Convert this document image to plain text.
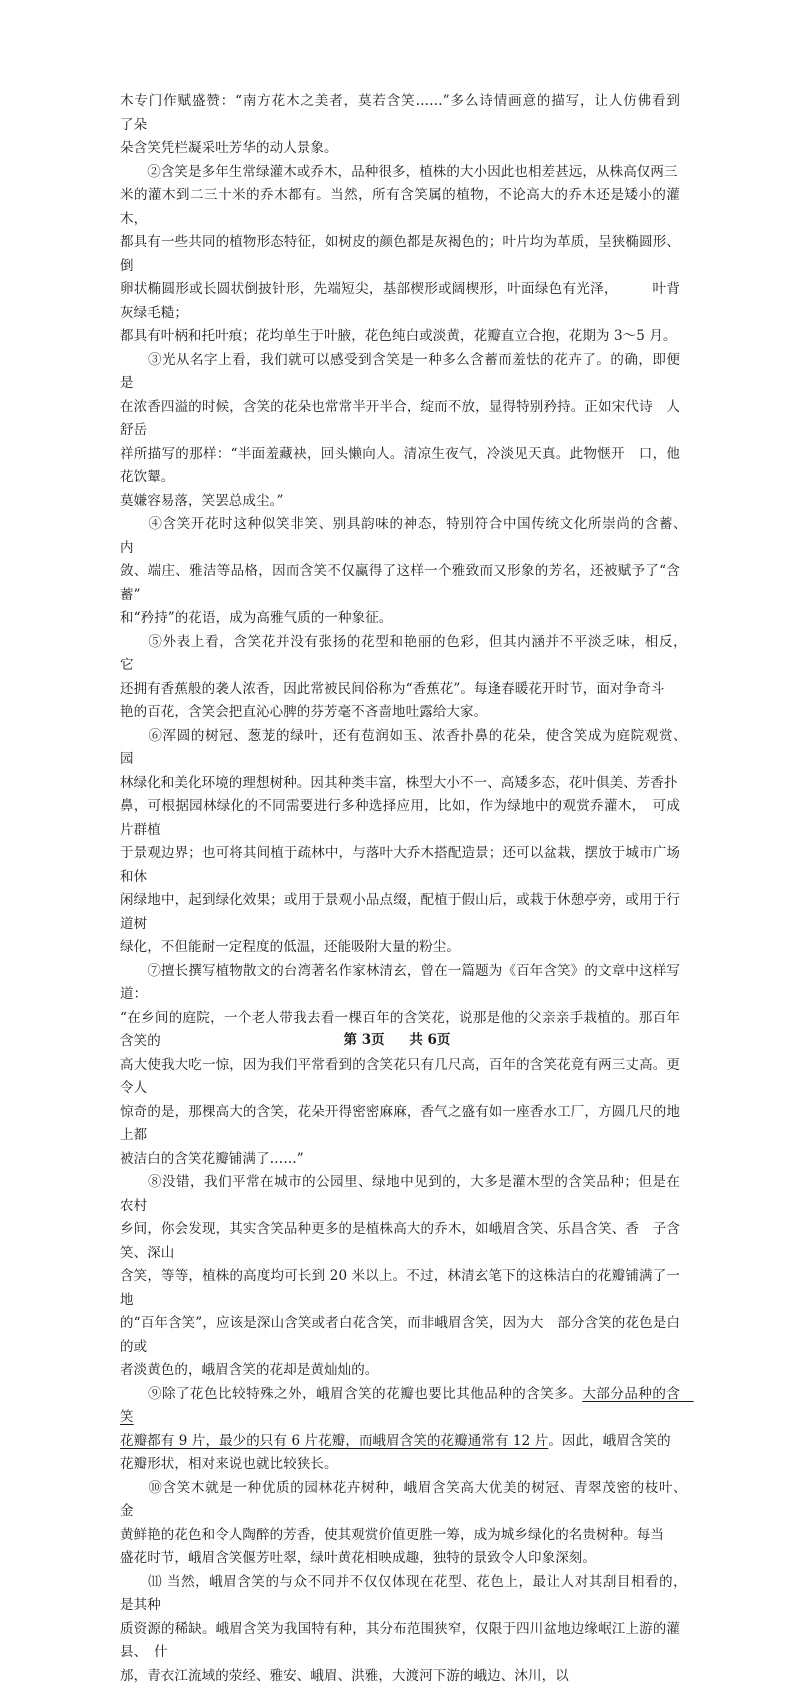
木专门作赋盛赞：“南方花木之美者，莫若含笑……”多么诗情画意的描写，让人仿佛看到　　　了朵
朵含笑凭栏凝采吐芳华的动人景象。

　　②含笑是多年生常绿灌木或乔木，品种很多，植株的大小因此也相差甚远，从株高仅两三
米的灌木到二三十米的乔木都有。当然，所有含笑属的植物，不论高大的乔木还是矮小的灌木，
都具有一些共同的植物形态特征，如树皮的颜色都是灰褐色的；叶片均为革质，呈狭椭圆形、倒
卵状椭圆形或长圆状倒披针形，先端短尖，基部楔形或阔楔形，叶面绿色有光泽，　　　叶背灰绿毛糙；
都具有叶柄和托叶痕；花均单生于叶腋，花色纯白或淡黄，花瓣直立合抱，花期为 3～5 月。

　　③光从名字上看，我们就可以感受到含笑是一种多么含蓄而羞怯的花卉了。的确，即便　是
在浓香四溢的时候，含笑的花朵也常常半开半合，绽而不放，显得特别矜持。正如宋代诗　人舒岳
祥所描写的那样：“半面羞藏袂，回头懒向人。清凉生夜气，冷淡见天真。此物惬开　口，他花饮颦。
莫嫌容易落，笑罢总成尘。”

　　④含笑开花时这种似笑非笑、别具韵味的神态，特别符合中国传统文化所崇尚的含蓄、　内
敛、端庄、雅洁等品格，因而含笑不仅赢得了这样一个雅致而又形象的芳名，还被赋予了“含蓄”
和“矜持”的花语，成为高雅气质的一种象征。

　　⑤外表上看，含笑花并没有张扬的花型和艳丽的色彩，但其内涵并不平淡乏味，相反，　它
还拥有香蕉般的袭人浓香，因此常被民间俗称为“香蕉花”。每逢春暖花开时节，面对争奇斗
艳的百花，含笑会把直沁心脾的芬芳毫不吝啬地吐露给大家。

　　⑥浑圆的树冠、葱茏的绿叶，还有苞润如玉、浓香扑鼻的花朵，使含笑成为庭院观赏、　园
林绿化和美化环境的理想树种。因其种类丰富，株型大小不一、高矮多态，花叶俱美、芳香扑
鼻，可根据园林绿化的不同需要进行多种选择应用，比如，作为绿地中的观赏乔灌木，　可成片群植
于景观边界；也可将其间植于疏林中，与落叶大乔木搭配造景；还可以盆栽，摆放于城市广场和休
闲绿地中，起到绿化效果；或用于景观小品点缀，配植于假山后，或栽于休憩亭旁，或用于行道树
绿化，不但能耐一定程度的低温，还能吸附大量的粉尘。

　　⑦擅长撰写植物散文的台湾著名作家林清玄，曾在一篇题为《百年含笑》的文章中这样写　　道：
“在乡间的庭院，一个老人带我去看一棵百年的含笑花，说那是他的父亲亲手栽植的。那百年　　含笑的
高大使我大吃一惊，因为我们平常看到的含笑花只有几尺高，百年的含笑花竟有两三丈高。更令人
惊奇的是，那棵高大的含笑，花朵开得密密麻麻，香气之盛有如一座香水工厂，方圆几尺的地上都
被洁白的含笑花瓣铺满了……”

　　⑧没错，我们平常在城市的公园里、绿地中见到的，大多是灌木型的含笑品种；但是在　农村
乡间，你会发现，其实含笑品种更多的是植株高大的乔木，如峨眉含笑、乐昌含笑、香　子含笑、深山
含笑，等等，植株的高度均可长到 20 米以上。不过，林清玄笔下的这株洁白的花瓣铺满了一地
的“百年含笑”，应该是深山含笑或者白花含笑，而非峨眉含笑，因为大　部分含笑的花色是白的或
者淡黄色的，峨眉含笑的花却是黄灿灿的。

　　⑨除了花色比较特殊之外，峨眉含笑的花瓣也要比其他品种的含笑多。大部分品种的含　笑
花瓣都有 9 片，最少的只有 6 片花瓣，而峨眉含笑的花瓣通常有 12 片。因此，峨眉含笑的
花瓣形状，相对来说也就比较狭长。

　　⑩含笑木就是一种优质的园林花卉树种，峨眉含笑高大优美的树冠、青翠茂密的枝叶、　金
黄鲜艳的花色和令人陶醉的芳香，使其观赏价值更胜一筹，成为城乡绿化的名贵树种。每当
盛花时节，峨眉含笑偃芳吐翠，绿叶黄花相映成趣，独特的景致令人印象深刻。

　　⑾ 当然，峨眉含笑的与众不同并不仅仅体现在花型、花色上，最让人对其刮目相看的，　是其种
质资源的稀缺。峨眉含笑为我国特有种，其分布范围狭窄，仅限于四川盆地边缘岷江上游的灌县、　什
邡，青衣江流域的荥经、雅安、峨眉、洪雅，大渡河下游的峨边、沐川，以

第 3页 共 6页
